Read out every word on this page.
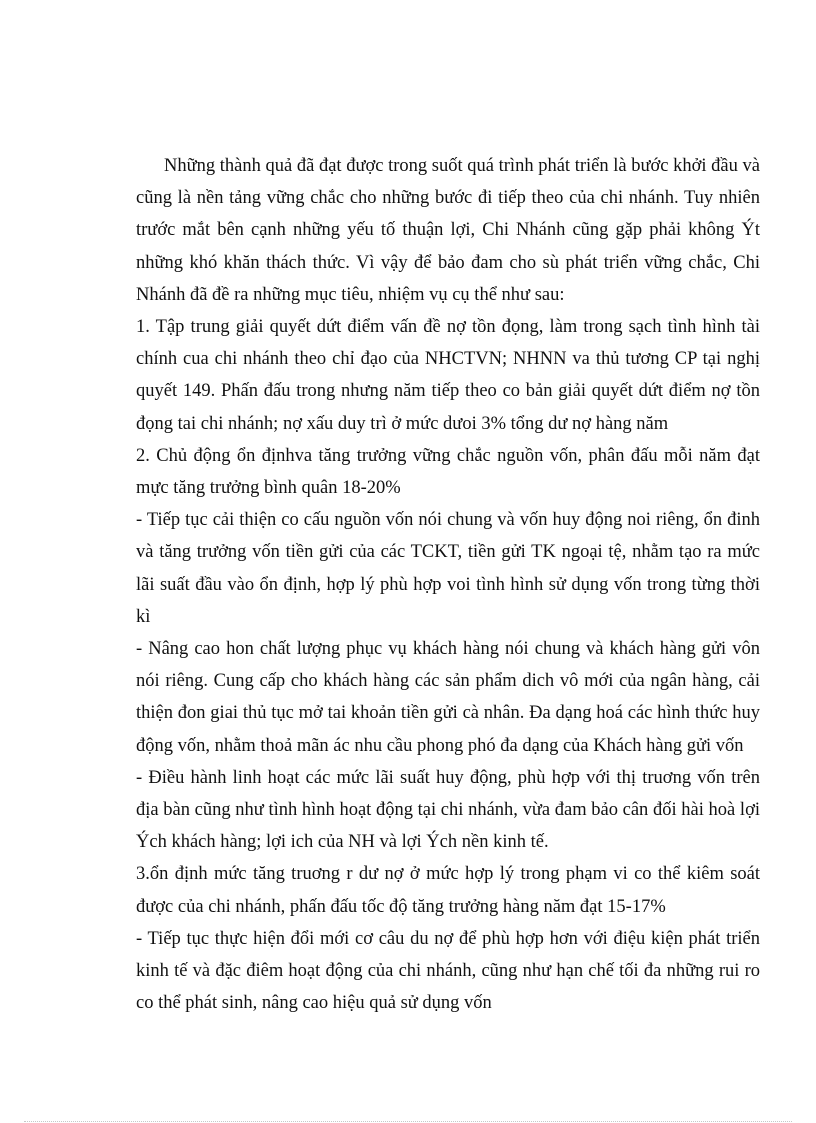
Những thành quả đã đạt được trong suốt quá trình phát triển là bước khởi đầu và cũng là nền tảng vững chắc cho những bước đi tiếp theo của chi nhánh. Tuy nhiên trước mắt bên cạnh những yếu tố thuận lợi, Chi Nhánh cũng gặp phải không Ýt những khó khăn thách thức. Vì vậy để bảo đam cho sù phát triển vững chắc, Chi Nhánh đã đề ra những mục tiêu, nhiệm vụ cụ thể như sau:

1. Tập trung giải quyết dứt điểm vấn đề nợ tồn đọng, làm trong sạch tình hình tài chính cua chi nhánh theo chỉ đạo của NHCTVN; NHNN va thủ tương CP tại nghị quyết 149. Phấn đấu trong nhưng năm tiếp theo co bản giải quyết dứt điểm nợ tồn đọng tai chi nhánh; nợ xấu duy trì ở mức dưoi 3% tổng dư nợ hàng năm

2. Chủ động ổn địnhva tăng trưởng vững chắc nguồn vốn, phân đấu mỗi năm đạt mực tăng trưởng bình quân 18-20%

- Tiếp tục cải thiện co cấu nguồn vốn nói chung và vốn huy động noi riêng, ổn đinh và tăng trưởng vốn tiền gửi của các TCKT, tiền gửi TK ngoại tệ, nhằm tạo ra mức lãi suất đầu vào ổn định, hợp lý phù hợp voi tình hình sử dụng vốn trong từng thời kì

- Nâng cao hon chất lượng phục vụ khách hàng nói chung và khách hàng gửi vôn nói riêng. Cung cấp cho khách hàng các sản phẩm dich vô mới của ngân hàng, cải thiện đon giai thủ tục mở tai khoản tiền gửi cà nhân. Đa dạng hoá các hình thức huy động vốn, nhằm thoả mãn ác nhu cầu phong phó đa dạng của Khách hàng gửi vốn

- Điều hành linh hoạt các mức lãi suất huy động, phù hợp với thị truơng vốn trên địa bàn cũng như tình hình hoạt động tại chi nhánh, vừa đam bảo cân đối hài hoà lợi Ých khách hàng; lợi ich của NH và lợi Ých nền kinh tế.

3.ổn định mức tăng truơng r dư nợ ở mức hợp lý trong phạm vi co thể kiêm soát được của chi nhánh, phấn đấu tốc độ tăng trưởng hàng năm đạt 15-17%

- Tiếp tục thực hiện đổi mới cơ câu du nợ để phù hợp hơn với điệu kiện phát triển kinh tế và đặc điêm hoạt động của chi nhánh, cũng như hạn chế tối đa những rui ro co thể phát sinh, nâng cao hiệu quả sử dụng vốn
